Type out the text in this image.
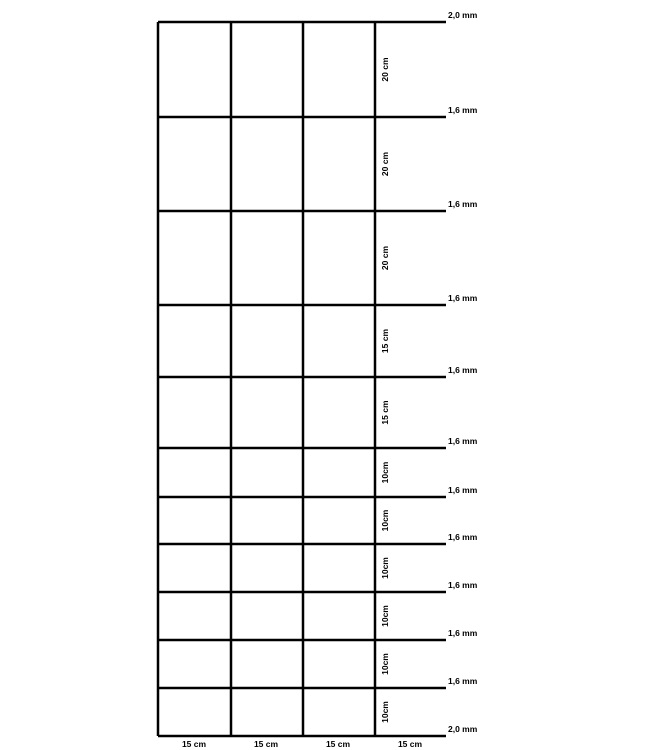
20 cm
20 cm
20 cm
15 cm
15 cm
10cm
10cm
10cm
10cm
10cm
10cm
2,0 mm
1,6 mm
1,6 mm
1,6 mm
1,6 mm
1,6 mm
1,6 mm
1,6 mm
1,6 mm
1,6 mm
1,6 mm
2,0 mm
15 cm	15 cm	15 cm	15 cm
